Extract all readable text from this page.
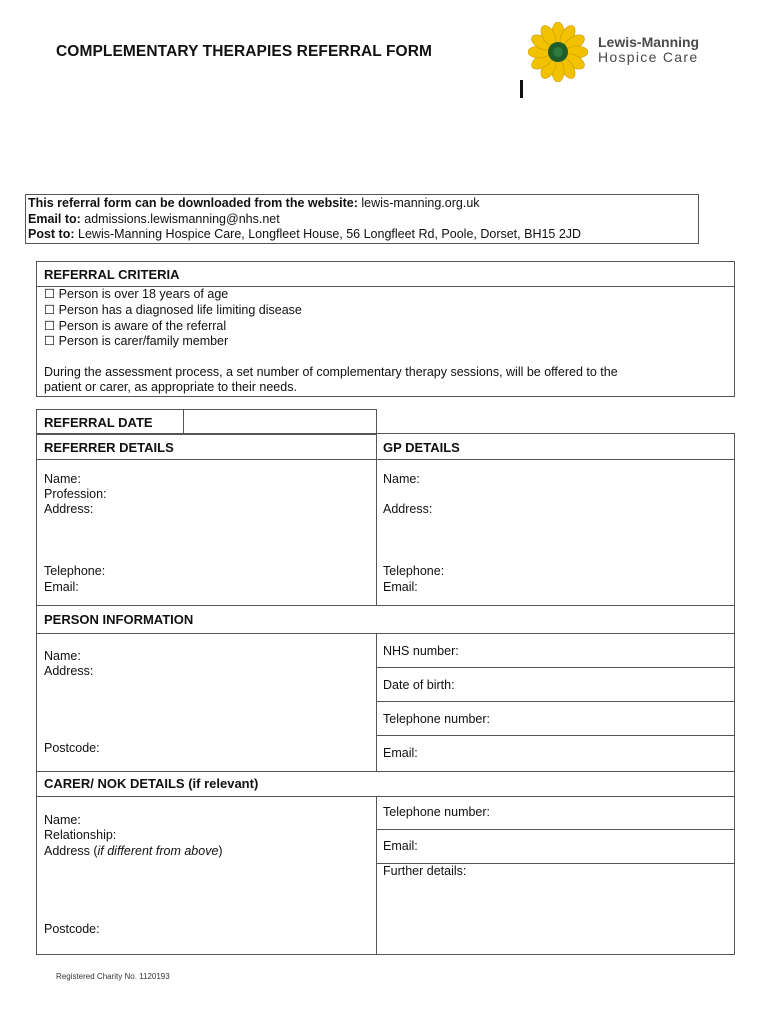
COMPLEMENTARY THERAPIES REFERRAL FORM
Lewis-Manning
Hospice Care
This referral form can be downloaded from the website: lewis-manning.org.uk
Email to: admissions.lewismanning@nhs.net
Post to: Lewis-Manning Hospice Care, Longfleet House, 56 Longfleet Rd, Poole, Dorset, BH15 2JD
REFERRAL CRITERIA
☐ Person is over 18 years of age
☐ Person has a diagnosed life limiting disease
☐ Person is aware of the referral
☐ Person is carer/family member
During the assessment process, a set number of complementary therapy sessions, will be offered to the
patient or carer, as appropriate to their needs.
REFERRAL DATE
REFERRER DETAILS	GP DETAILS
Name:
Profession:
Address:
Telephone:
Email:
Name:
Address:
Telephone:
Email:
PERSON INFORMATION
Name:
Address:
Postcode:
NHS number:
Date of birth:
Telephone number:
Email:
CARER/ NOK DETAILS (if relevant)
Name:
Relationship:
Address (if different from above)
Postcode:
Telephone number:
Email:
Further details:
Registered Charity No. 1120193
